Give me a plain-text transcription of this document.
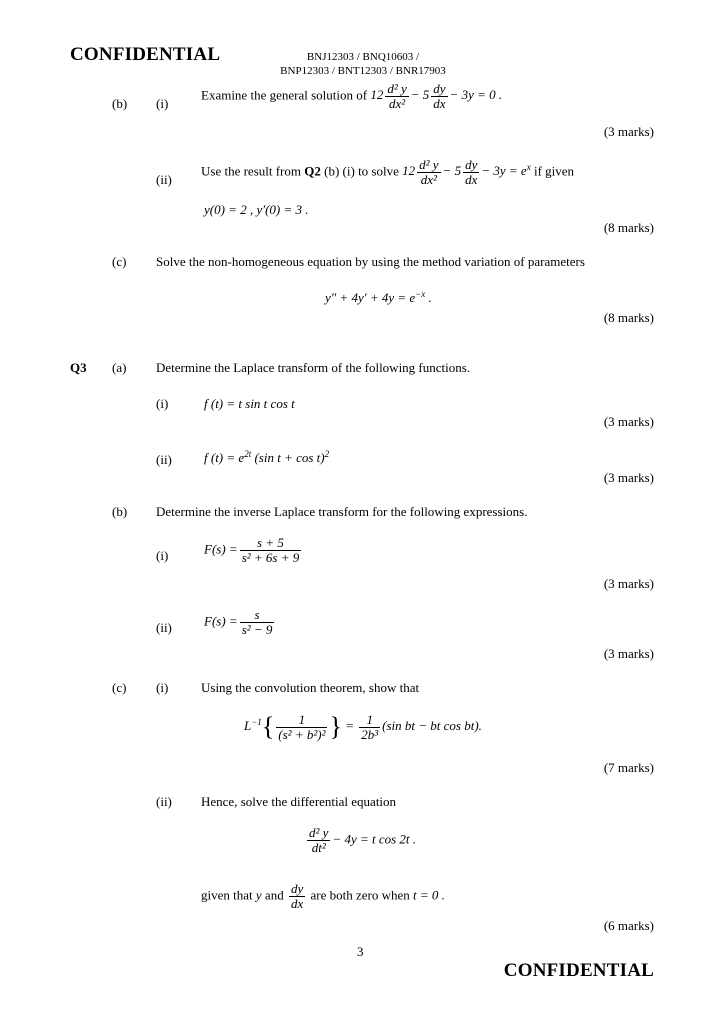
CONFIDENTIAL	BNJ12303 / BNQ10603 /
BNP12303 / BNT12303 / BNR17903
(b) (i)
Examine the general solution of $12 \frac{\text{d² y}}{\text{dx²}} - 5 \frac{dy}{dx} - 3y = 0$ .
(3 marks)
(ii)
Use the result from Q2 (b) (i) to solve $12 \frac{\text{d² y}}{\text{dx²}} - 5 \frac{dy}{dx} - 3y = e^x$ if given
y(0) = 2 , y′(0) = 3 .
(8 marks)
(c) Solve the non-homogeneous equation by using the method variation of parameters
$y'' + 4y' + 4y = e^{-x}$ .
(8 marks)
Q3 (a) Determine the Laplace transform of the following functions.
(i)	f (t) = t sin t cos t
(3 marks)
(ii) f $(t) = e^{2t}$ (sin t + cos t)$^2$
(3 marks)
(b) Determine the inverse Laplace transform for the following expressions.
(i)	$F(s) = \frac{s + 5}{\text{s² + 6s + 9}}$
(3 marks)
(ii) $F(s) = \frac{s}{\text{s² − 9}}$
(3 marks)
(c) (i)	Using the convolution theorem, show that
$L^{-1}\{ \frac{1}{\text{(s² + b²)²}}$ } = $\frac{1}{\text{2b³}} (\sin$ bt − bt cos bt).
(7 marks)
(ii) Hence, solve the differential equation
$\frac{\text{d² y}}{\text{dt²}} - 4y = t$ cos 2t .
given that y and $\frac{dy}{dx}$ are both zero when t = 0 .
(6 marks)
3
CONFIDENTIAL
